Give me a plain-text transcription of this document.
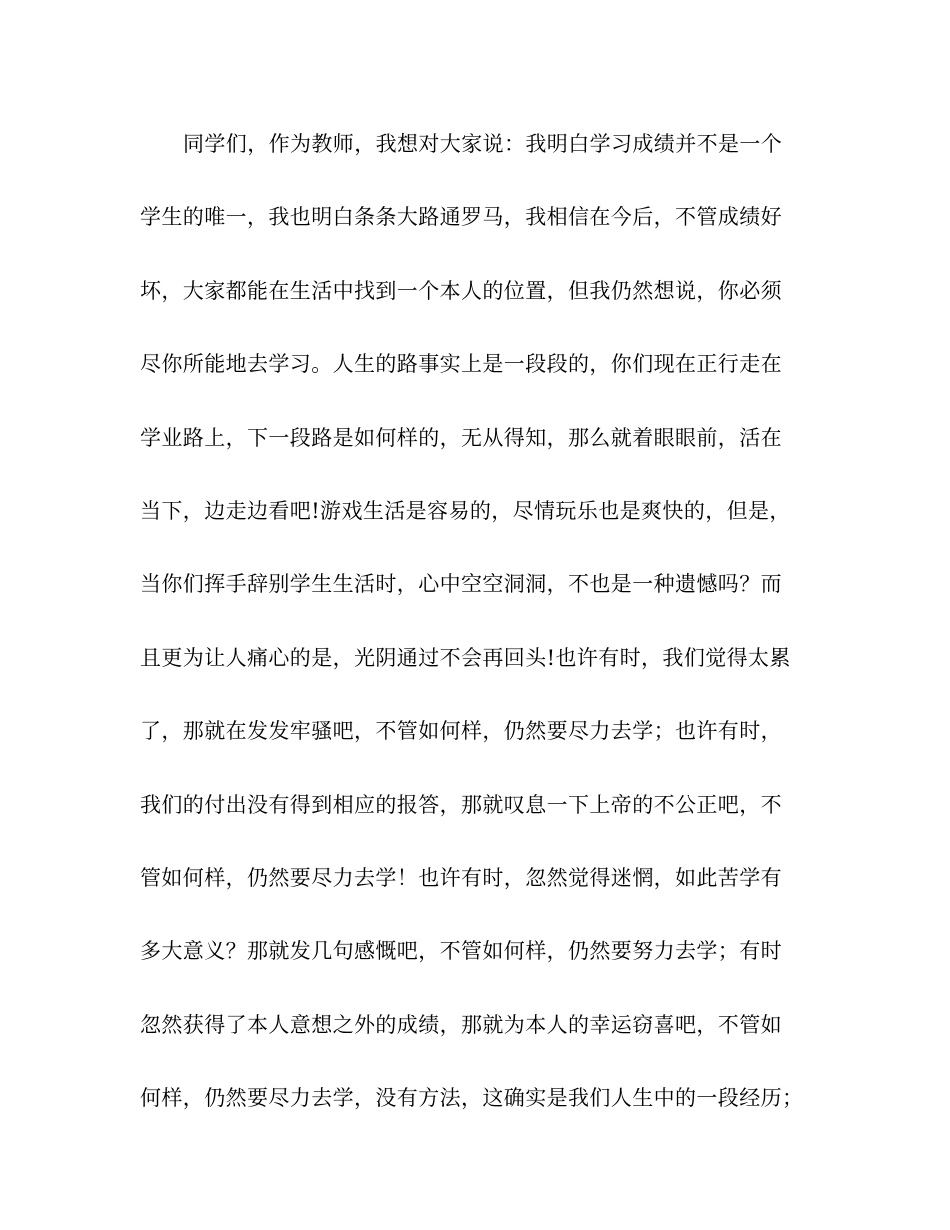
同学们，作为教师，我想对大家说：我明白学习成绩并不是一个
学生的唯一，我也明白条条大路通罗马，我相信在今后，不管成绩好
坏，大家都能在生活中找到一个本人的位置，但我仍然想说，你必须
尽你所能地去学习。人生的路事实上是一段段的，你们现在正行走在
学业路上，下一段路是如何样的，无从得知，那么就着眼眼前，活在
当下，边走边看吧!游戏生活是容易的，尽情玩乐也是爽快的，但是，
当你们挥手辞别学生生活时，心中空空洞洞，不也是一种遗憾吗？而
且更为让人痛心的是，光阴通过不会再回头!也许有时，我们觉得太累
了，那就在发发牢骚吧，不管如何样，仍然要尽力去学；也许有时，
我们的付出没有得到相应的报答，那就叹息一下上帝的不公正吧，不
管如何样，仍然要尽力去学！也许有时，忽然觉得迷惘，如此苦学有
多大意义？那就发几句感慨吧，不管如何样，仍然要努力去学；有时
忽然获得了本人意想之外的成绩，那就为本人的幸运窃喜吧，不管如
何样，仍然要尽力去学，没有方法，这确实是我们人生中的一段经历；
